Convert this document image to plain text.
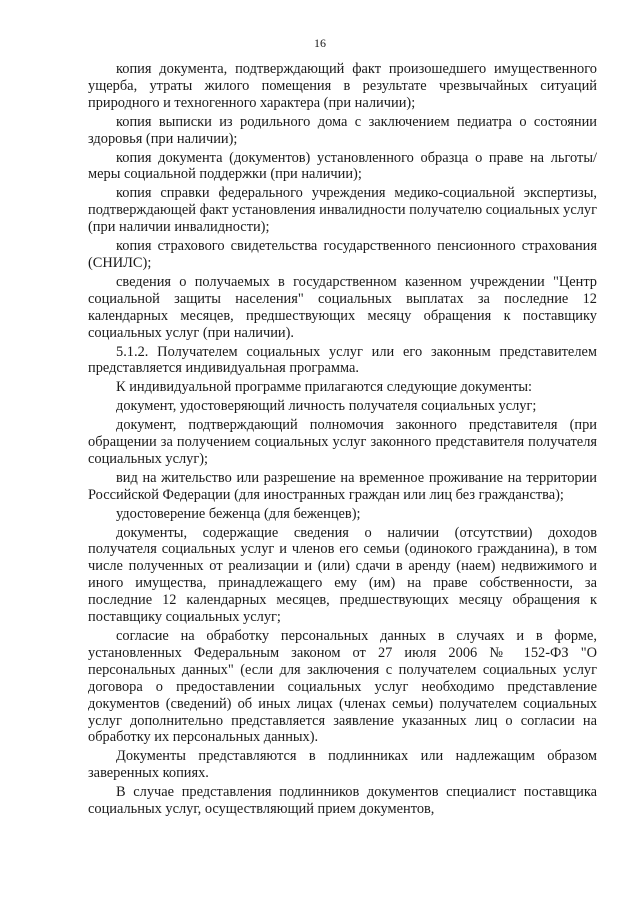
16

копия документа, подтверждающий факт произошедшего имущественного ущерба, утраты жилого помещения в результате чрезвычайных ситуаций природного и техногенного характера (при наличии);

копия выписки из родильного дома с заключением педиатра о состоянии здоровья (при наличии);

копия документа (документов) установленного образца о праве на льготы/меры социальной поддержки (при наличии);

копия справки федерального учреждения медико-социальной экспертизы, подтверждающей факт установления инвалидности получателю социальных услуг (при наличии инвалидности);

копия страхового свидетельства государственного пенсионного страхования (СНИЛС);

сведения о получаемых в государственном казенном учреждении "Центр социальной защиты населения" социальных выплатах за последние 12 календарных месяцев, предшествующих месяцу обращения к поставщику социальных услуг (при наличии).

5.1.2. Получателем социальных услуг или его законным представителем представляется индивидуальная программа.

К индивидуальной программе прилагаются следующие документы:

документ, удостоверяющий личность получателя социальных услуг;

документ, подтверждающий полномочия законного представителя (при обращении за получением социальных услуг законного представителя получателя социальных услуг);

вид на жительство или разрешение на временное проживание на территории Российской Федерации (для иностранных граждан или лиц без гражданства);

удостоверение беженца (для беженцев);

документы, содержащие сведения о наличии (отсутствии) доходов получателя социальных услуг и членов его семьи (одинокого гражданина), в том числе полученных от реализации и (или) сдачи в аренду (наем) недвижимого и иного имущества, принадлежащего ему (им) на праве собственности, за последние 12 календарных месяцев, предшествующих месяцу обращения к поставщику социальных услуг;

согласие на обработку персональных данных в случаях и в форме, установленных Федеральным законом от 27 июля 2006 № 152-ФЗ "О персональных данных" (если для заключения с получателем социальных услуг договора о предоставлении социальных услуг необходимо представление документов (сведений) об иных лицах (членах семьи) получателем социальных услуг дополнительно представляется заявление указанных лиц о согласии на обработку их персональных данных).

Документы представляются в подлинниках или надлежащим образом заверенных копиях.

В случае представления подлинников документов специалист поставщика социальных услуг, осуществляющий прием документов,
